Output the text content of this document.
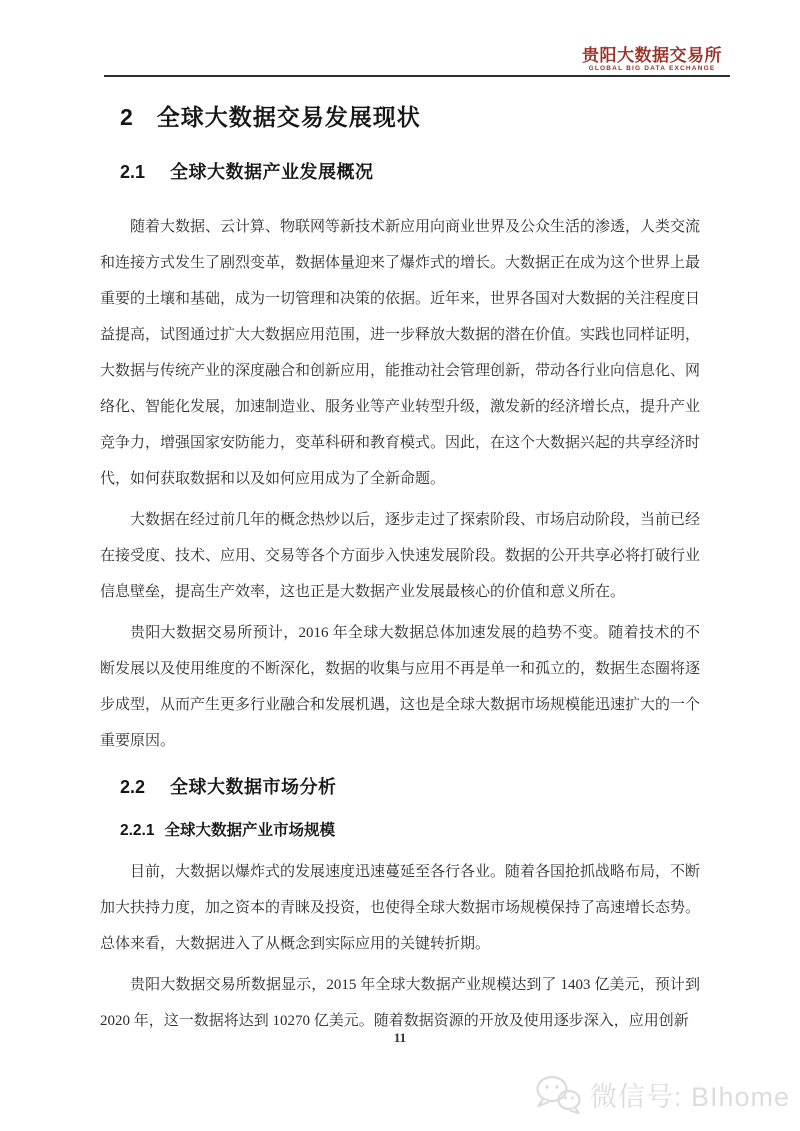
贵阳大数据交易所
GLOBAL BIG DATA EXCHANGE
2 全球大数据交易发展现状
2.1 全球大数据产业发展概况

随着大数据、云计算、物联网等新技术新应用向商业世界及公众生活的渗透，人类交流和连接方式发生了剧烈变革，数据体量迎来了爆炸式的增长。大数据正在成为这个世界上最重要的土壤和基础，成为一切管理和决策的依据。近年来，世界各国对大数据的关注程度日益提高，试图通过扩大大数据应用范围，进一步释放大数据的潜在价值。实践也同样证明，大数据与传统产业的深度融合和创新应用，能推动社会管理创新，带动各行业向信息化、网络化、智能化发展，加速制造业、服务业等产业转型升级，激发新的经济增长点，提升产业竞争力，增强国家安防能力，变革科研和教育模式。因此，在这个大数据兴起的共享经济时代，如何获取数据和以及如何应用成为了全新命题。

大数据在经过前几年的概念热炒以后，逐步走过了探索阶段、市场启动阶段，当前已经在接受度、技术、应用、交易等各个方面步入快速发展阶段。数据的公开共享必将打破行业信息壁垒，提高生产效率，这也正是大数据产业发展最核心的价值和意义所在。

贵阳大数据交易所预计，2016 年全球大数据总体加速发展的趋势不变。随着技术的不断发展以及使用维度的不断深化，数据的收集与应用不再是单一和孤立的，数据生态圈将逐步成型，从而产生更多行业融合和发展机遇，这也是全球大数据市场规模能迅速扩大的一个重要原因。

2.2 全球大数据市场分析
2.2.1 全球大数据产业市场规模

目前，大数据以爆炸式的发展速度迅速蔓延至各行各业。随着各国抢抓战略布局，不断加大扶持力度，加之资本的青睐及投资，也使得全球大数据市场规模保持了高速增长态势。总体来看，大数据进入了从概念到实际应用的关键转折期。

贵阳大数据交易所数据显示，2015 年全球大数据产业规模达到了 1403 亿美元，预计到 2020 年，这一数据将达到 10270 亿美元。随着数据资源的开放及使用逐步深入，应用创新

11
微信号: BIhome
